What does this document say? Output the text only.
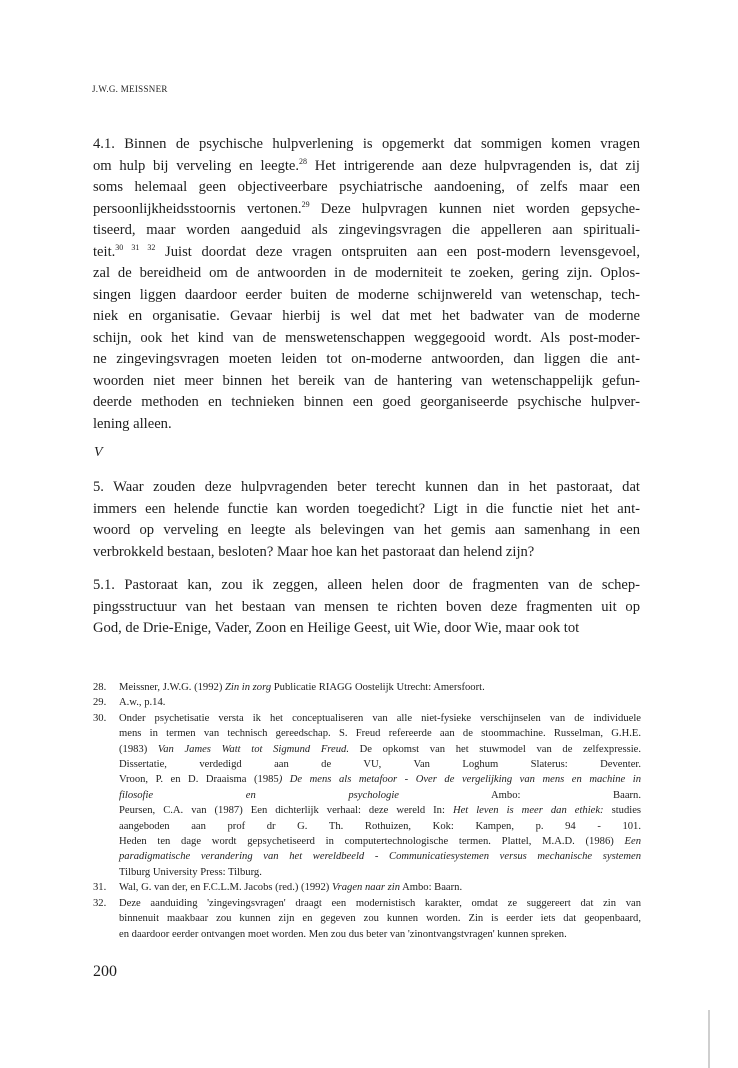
J.W.G. MEISSNER
4.1. Binnen de psychische hulpverlening is opgemerkt dat sommigen komen vragen
om hulp bij verveling en leegte.$^{28}$ Het intrigerende aan deze hulpvragenden is, dat zij
soms helemaal geen objectiveerbare psychiatrische aandoening, of zelfs maar een
persoonlijkheidsstoornis vertonen.$^{29}$ Deze hulpvragen kunnen niet worden gepsyche-
tiseerd, maar worden aangeduid als zingevingsvragen die appelleren aan spirituali-
teit.$^{30 31 32}$ Juist doordat deze vragen ontspruiten aan een post-modern levensgevoel,
zal de bereidheid om de antwoorden in de moderniteit te zoeken, gering zijn. Oplos-
singen liggen daardoor eerder buiten de moderne schijnwereld van wetenschap, tech-
niek en organisatie. Gevaar hierbij is wel dat met het badwater van de moderne
schijn, ook het kind van de menswetenschappen weggegooid wordt. Als post-moder-
ne zingevingsvragen moeten leiden tot on-moderne antwoorden, dan liggen die ant-
woorden niet meer binnen het bereik van de hantering van wetenschappelijk gefun-
deerde methoden en technieken binnen een goed georganiseerde psychische hulpver-
lening alleen.
V
5. Waar zouden deze hulpvragenden beter terecht kunnen dan in het pastoraat, dat
immers een helende functie kan worden toegedicht? Ligt in die functie niet het ant-
woord op verveling en leegte als belevingen van het gemis aan samenhang in een
verbrokkeld bestaan, besloten? Maar hoe kan het pastoraat dan helend zijn?
5.1. Pastoraat kan, zou ik zeggen, alleen helen door de fragmenten van de schep-
pingsstructuur van het bestaan van mensen te richten boven deze fragmenten uit op
God, de Drie-Enige, Vader, Zoon en Heilige Geest, uit Wie, door Wie, maar ook tot
28.	Meissner, J.W.G. (1992) Zin in zorg Publicatie RIAGG Oostelijk Utrecht: Amersfoort.
29.	A.w., p.14.
30.	Onder psychetisatie versta ik het conceptualiseren van alle niet-fysieke verschijnselen van de individuele
mens in termen van technisch gereedschap. S. Freud refereerde aan de stoommachine. Russelman, G.H.E.
(1983) Van James Watt tot Sigmund Freud. De opkomst van het stuwmodel van de zelfexpressie.
Dissertatie, verdedigd aan de VU, Van Loghum Slaterus: Deventer.
Vroon, P. en D. Draaisma (1985) De mens als metafoor - Over de vergelijking van mens en machine in
filosofie en psychologie Ambo: Baarn.
Peursen, C.A. van (1987) Een dichterlijk verhaal: deze wereld In: Het leven is meer dan ethiek: studies
aangeboden aan prof dr G. Th. Rothuizen, Kok: Kampen, p. 94 - 101.
Heden ten dage wordt gepsychetiseerd in computertechnologische termen. Plattel, M.A.D. (1986) Een
paradigmatische verandering van het wereldbeeld - Communicatiesystemen versus mechanische systemen
Tilburg University Press: Tilburg.
31.	Wal, G. van der, en F.C.L.M. Jacobs (red.) (1992) Vragen naar zin Ambo: Baarn.
32.	Deze aanduiding 'zingevingsvragen' draagt een modernistisch karakter, omdat ze suggereert dat zin van
binnenuit maakbaar zou kunnen zijn en gegeven zou kunnen worden. Zin is eerder iets dat geopenbaard,
en daardoor eerder ontvangen moet worden. Men zou dus beter van 'zinontvangstvragen' kunnen spreken.
200
